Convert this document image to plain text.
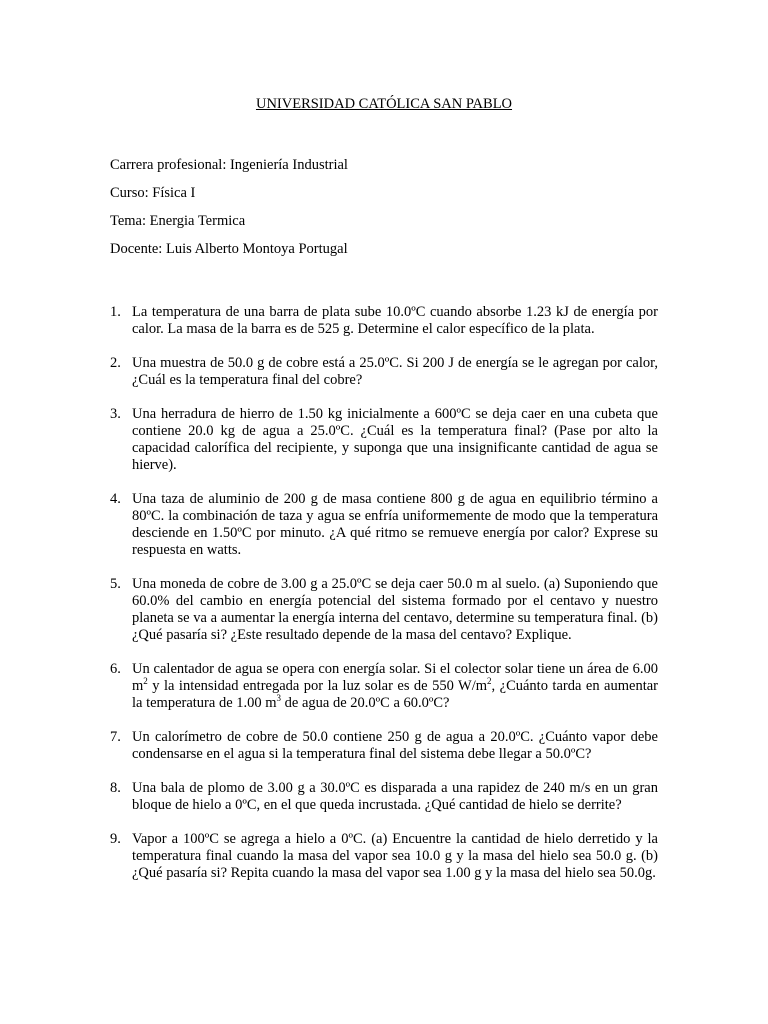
UNIVERSIDAD CATÓLICA SAN PABLO
Carrera profesional: Ingeniería Industrial
Curso: Física I
Tema: Energia Termica
Docente: Luis Alberto Montoya Portugal
1. La temperatura de una barra de plata sube 10.0ºC cuando absorbe 1.23 kJ de energía por calor. La masa de la barra es de 525 g. Determine el calor específico de la plata.
2. Una muestra de 50.0 g de cobre está a 25.0ºC. Si 200 J de energía se le agregan por calor, ¿Cuál es la temperatura final del cobre?
3. Una herradura de hierro de 1.50 kg inicialmente a 600ºC se deja caer en una cubeta que contiene 20.0 kg de agua a 25.0ºC. ¿Cuál es la temperatura final? (Pase por alto la capacidad calorífica del recipiente, y suponga que una insignificante cantidad de agua se hierve).
4. Una taza de aluminio de 200 g de masa contiene 800 g de agua en equilibrio término a 80ºC. la combinación de taza y agua se enfría uniformemente de modo que la temperatura desciende en 1.50ºC por minuto. ¿A qué ritmo se remueve energía por calor? Exprese su respuesta en watts.
5. Una moneda de cobre de 3.00 g a 25.0ºC se deja caer 50.0 m al suelo. (a) Suponiendo que 60.0% del cambio en energía potencial del sistema formado por el centavo y nuestro planeta se va a aumentar la energía interna del centavo, determine su temperatura final. (b) ¿Qué pasaría si? ¿Este resultado depende de la masa del centavo? Explique.
6. Un calentador de agua se opera con energía solar. Si el colector solar tiene un área de 6.00 $m^2$ y la intensidad entregada por la luz solar es de 550 $W/m^2$, ¿Cuánto tarda en aumentar la temperatura de 1.00 $m^3$ de agua de 20.0ºC a 60.0ºC?
7. Un calorímetro de cobre de 50.0 contiene 250 g de agua a 20.0ºC. ¿Cuánto vapor debe condensarse en el agua si la temperatura final del sistema debe llegar a 50.0ºC?
8. Una bala de plomo de 3.00 g a 30.0ºC es disparada a una rapidez de 240 m/s en un gran bloque de hielo a 0ºC, en el que queda incrustada. ¿Qué cantidad de hielo se derrite?
9. Vapor a 100ºC se agrega a hielo a 0ºC. (a) Encuentre la cantidad de hielo derretido y la temperatura final cuando la masa del vapor sea 10.0 g y la masa del hielo sea 50.0 g. (b) ¿Qué pasaría si? Repita cuando la masa del vapor sea 1.00 g y la masa del hielo sea 50.0g.
